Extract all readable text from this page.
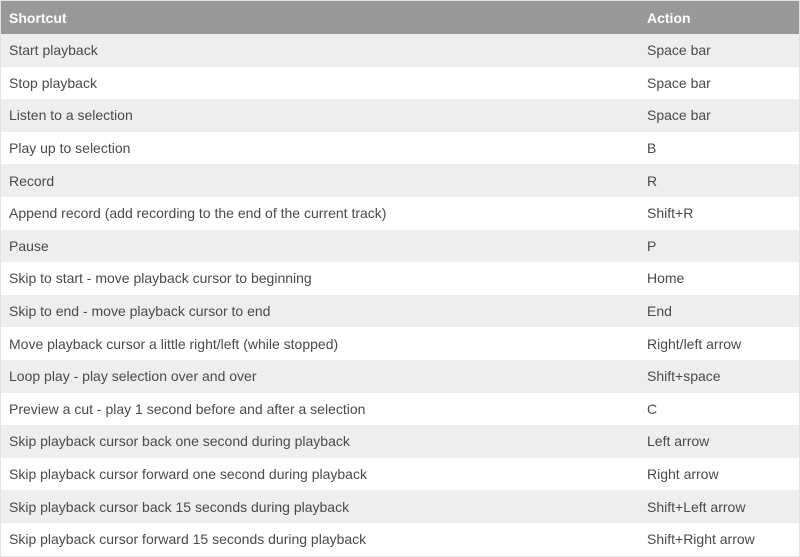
Shortcut	Action
Start playback	Space bar
Stop playback	Space bar
Listen to a selection	Space bar
Play up to selection	B
Record	R
Append record (add recording to the end of the current track)	Shift+R
Pause	P
Skip to start - move playback cursor to beginning	Home
Skip to end - move playback cursor to end	End
Move playback cursor a little right/left (while stopped)	Right/left arrow
Loop play - play selection over and over	Shift+space
Preview a cut - play 1 second before and after a selection	C
Skip playback cursor back one second during playback	Left arrow
Skip playback cursor forward one second during playback	Right arrow
Skip playback cursor back 15 seconds during playback	Shift+Left arrow
Skip playback cursor forward 15 seconds during playback	Shift+Right arrow
